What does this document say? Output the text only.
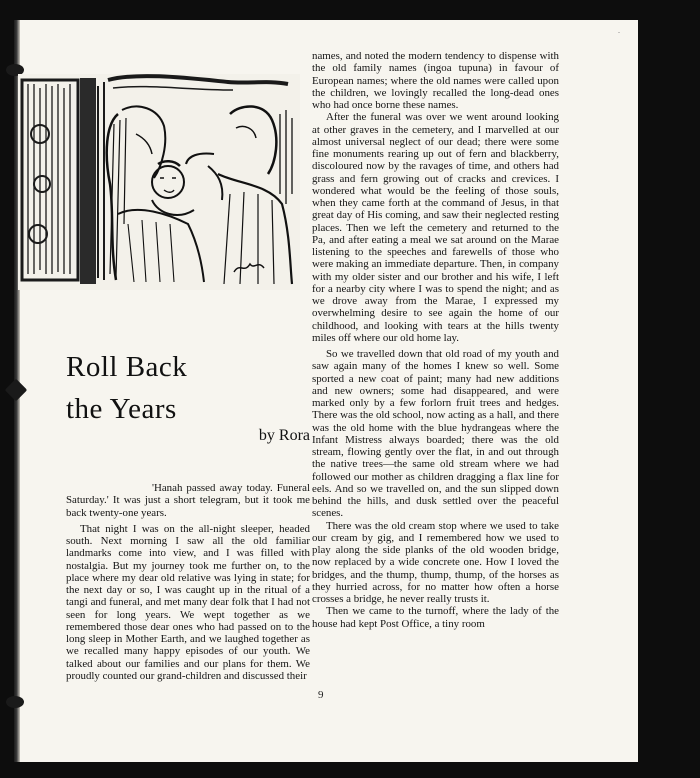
Roll Back
the Years

by Rora

'Hanah passed away today. Funeral Saturday.' It was just a short telegram, but it took me back twenty-one years.

That night I was on the all-night sleeper, headed south. Next morning I saw all the old familiar landmarks come into view, and I was filled with nostalgia. But my journey took me further on, to the place where my dear old relative was lying in state; for the next day or so, I was caught up in the ritual of a tangi and funeral, and met many dear folk that I had not seen for long years. We wept together as we remembered those dear ones who had passed on to the long sleep in Mother Earth, and we laughed together as we recalled many happy episodes of our youth. We talked about our families and our plans for them. We proudly counted our grand-children and discussed their

names, and noted the modern tendency to dispense with the old family names (ingoa tupuna) in favour of European names; where the old names were called upon the children, we lovingly recalled the long-dead ones who had once borne these names.

After the funeral was over we went around looking at other graves in the cemetery, and I marvelled at our almost universal neglect of our dead; there were some fine monuments rearing up out of fern and blackberry, discoloured now by the ravages of time, and others had grass and fern growing out of cracks and crevices. I wondered what would be the feeling of those souls, when they came forth at the command of Jesus, in that great day of His coming, and saw their neglected resting places. Then we left the cemetery and returned to the Pa, and after eating a meal we sat around on the Marae listening to the speeches and farewells of those who were making an immediate departure. Then, in company with my older sister and our brother and his wife, I left for a nearby city where I was to spend the night; and as we drove away from the Marae, I expressed my overwhelming desire to see again the home of our childhood, and looking with tears at the hills twenty miles off where our old home lay.

So we travelled down that old road of my youth and saw again many of the homes I knew so well. Some sported a new coat of paint; many had new additions and new owners; some had disappeared, and were marked only by a few forlorn fruit trees and hedges. There was the old school, now acting as a hall, and there was the old home with the blue hydrangeas where the Infant Mistress always boarded; there was the old stream, flowing gently over the flat, in and out through the native trees—the same old stream where we had followed our mother as children dragging a flax line for eels. And so we travelled on, and the sun slipped down behind the hills, and dusk settled over the peaceful scenes.

There was the old cream stop where we used to take our cream by gig, and I remembered how we used to play along the side planks of the old wooden bridge, now replaced by a wide concrete one. How I loved the bridges, and the thump, thump, thump, of the horses as they hurried across, for no matter how often a horse crosses a bridge, he never really trusts it.

Then we came to the turnoff, where the lady of the house had kept Post Office, a tiny room

9
